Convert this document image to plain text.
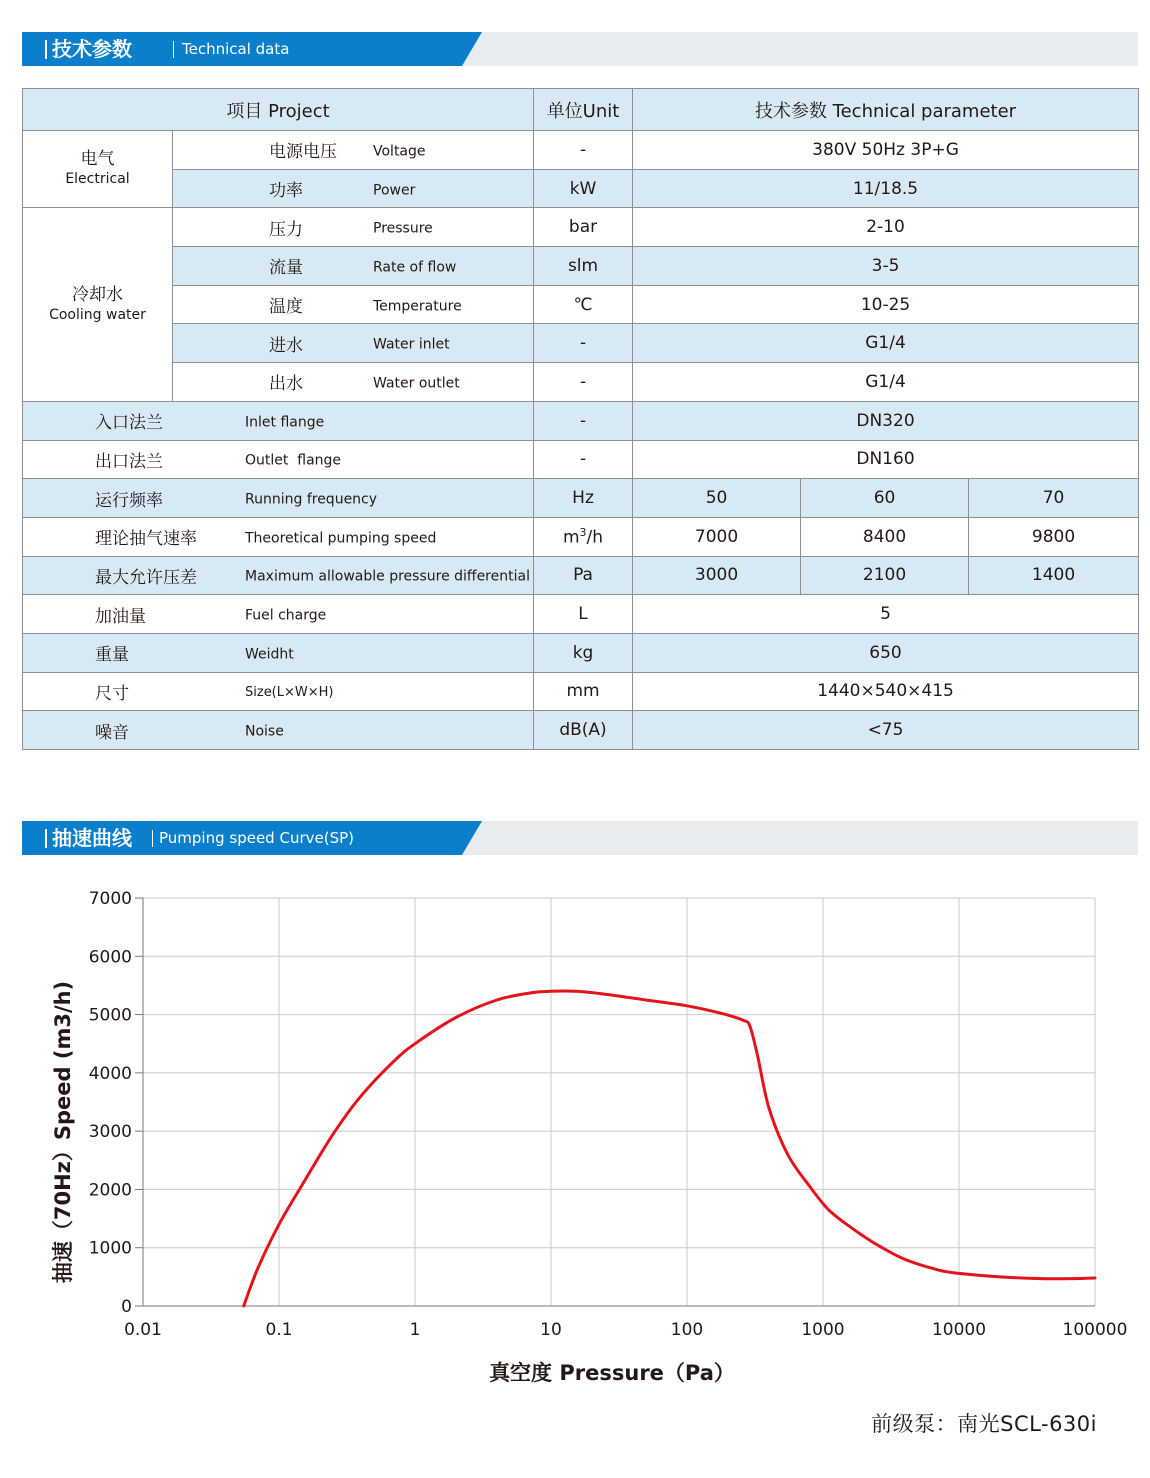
技术参数	Technical data
项目 Project		单位Unit	技术参数 Technical parameter		

电气
Electrical	电源电压 Voltage	-	380V 50Hz 3P+G		
	功率 Power	kW	11/18.5		

冷却水
Cooling water	压力 Pressure	bar	2-10		
	流量 Rate of flow	slm	3-5		
	温度 Temperature	℃	10-25		
	进水 Water inlet	-	G1/4		
	出水 Water outlet	-	G1/4		
入口法兰 Inlet flange		-	DN320		
出口法兰 Outlet  flange		-	DN160		
运行频率 Running frequency		Hz	50	60	70
理论抽气速率 Theoretical pumping speed		$m^3/h$	7000	8400	9800
最大允许压差 Maximum allowable pressure differential		Pa	3000	2100	1400
加油量 Fuel charge		L	5		
重量 Weidht		kg	650		
尺寸 Size(L×W×H)		mm	1440×540×415		
噪音 Noise		dB(A)	<75		
抽速曲线 Pumping speed Curve(SP)
0.01	0.1	1	10	100	1000	10000	100000
0
1000
2000
3000
4000
5000
6000
7000
真空度 Pressure（Pa）
抽速（70Hz）Speed (m3/h)
前级泵：南光SCL-630i
